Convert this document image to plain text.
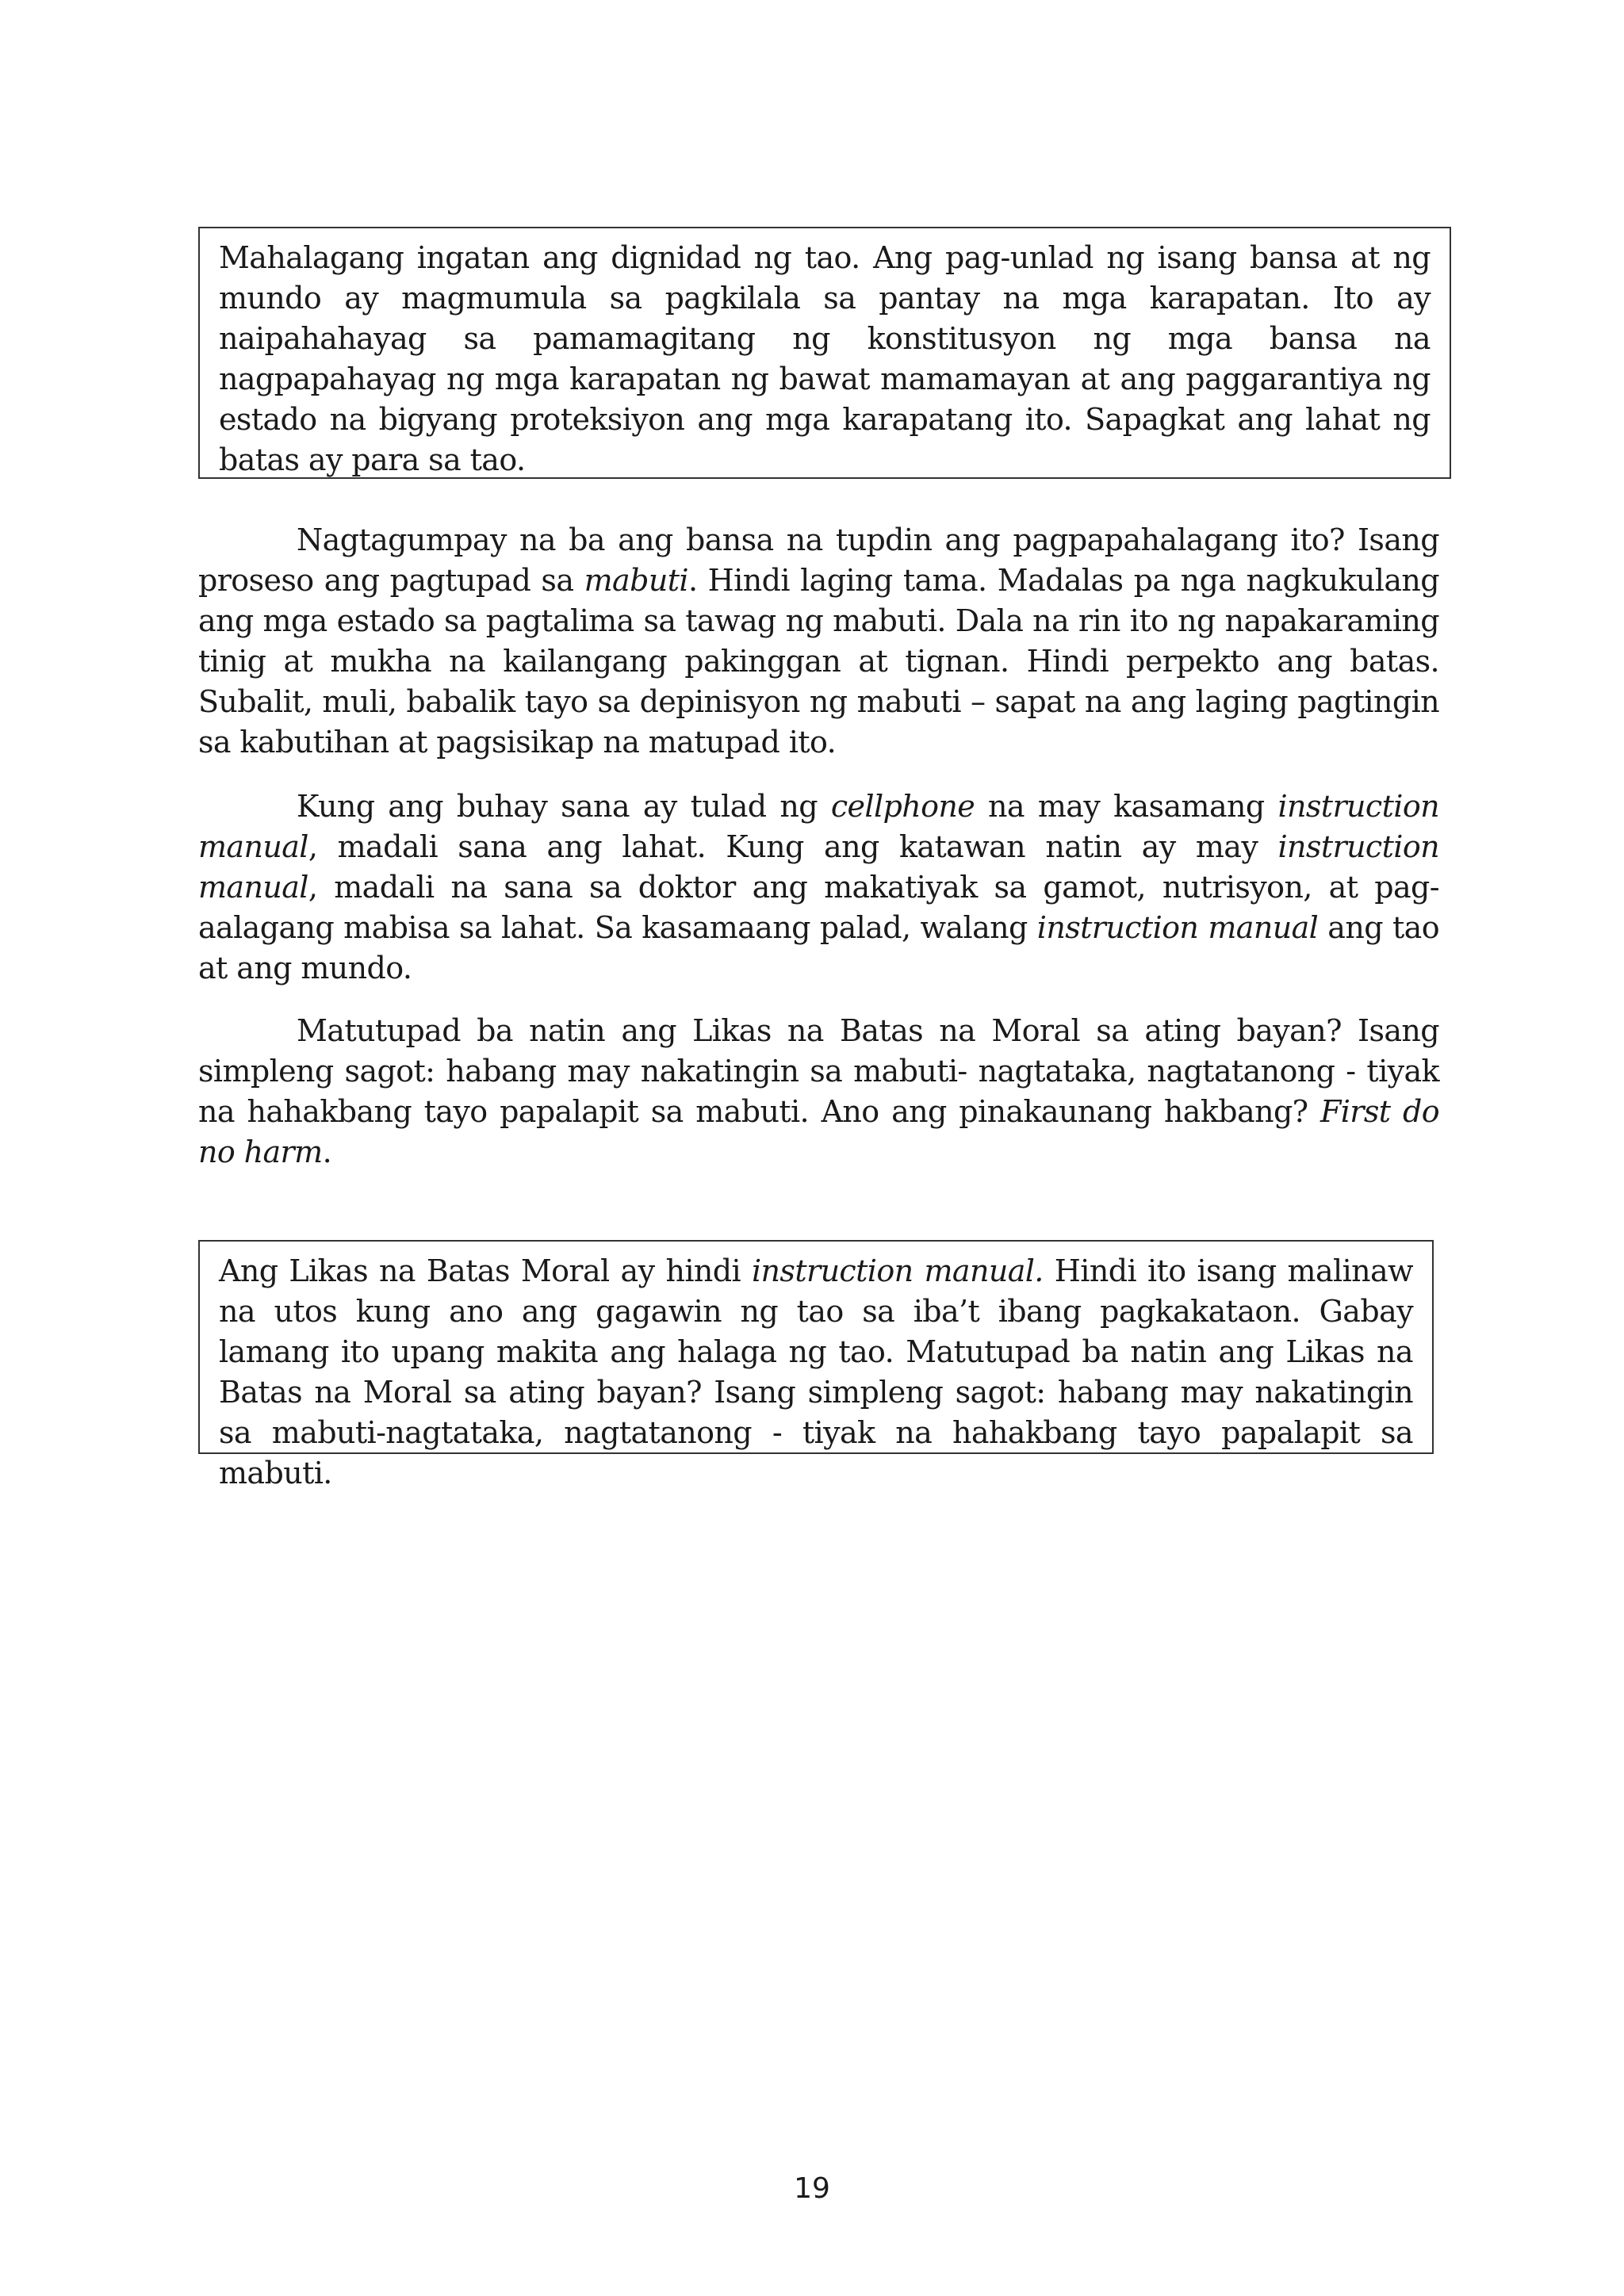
Mahalagang ingatan ang dignidad ng tao. Ang pag-unlad ng isang bansa at ng mundo ay magmumula sa pagkilala sa pantay na mga karapatan. Ito ay naipahahayag sa pamamagitang ng konstitusyon ng mga bansa na nagpapahayag ng mga karapatan ng bawat mamamayan at ang paggarantiya ng estado na bigyang proteksiyon ang mga karapatang ito. Sapagkat ang lahat ng batas ay para sa tao.

Nagtagumpay na ba ang bansa na tupdin ang pagpapahalagang ito? Isang proseso ang pagtupad sa mabuti. Hindi laging tama. Madalas pa nga nagkukulang ang mga estado sa pagtalima sa tawag ng mabuti. Dala na rin ito ng napakaraming tinig at mukha na kailangang pakinggan at tignan. Hindi perpekto ang batas. Subalit, muli, babalik tayo sa depinisyon ng mabuti – sapat na ang laging pagtingin sa kabutihan at pagsisikap na matupad ito.

Kung ang buhay sana ay tulad ng cellphone na may kasamang instruction manual, madali sana ang lahat. Kung ang katawan natin ay may instruction manual, madali na sana sa doktor ang makatiyak sa gamot, nutrisyon, at pag-aalagang mabisa sa lahat. Sa kasamaang palad, walang instruction manual ang tao at ang mundo.

Matutupad ba natin ang Likas na Batas na Moral sa ating bayan? Isang simpleng sagot: habang may nakatingin sa mabuti- nagtataka, nagtatanong - tiyak na hahakbang tayo papalapit sa mabuti. Ano ang pinakaunang hakbang? First do no harm.

Ang Likas na Batas Moral ay hindi instruction manual. Hindi ito isang malinaw na utos kung ano ang gagawin ng tao sa iba’t ibang pagkakataon. Gabay lamang ito upang makita ang halaga ng tao. Matutupad ba natin ang Likas na Batas na Moral sa ating bayan? Isang simpleng sagot: habang may nakatingin sa mabuti-nagtataka, nagtatanong - tiyak na hahakbang tayo papalapit sa mabuti.

19
